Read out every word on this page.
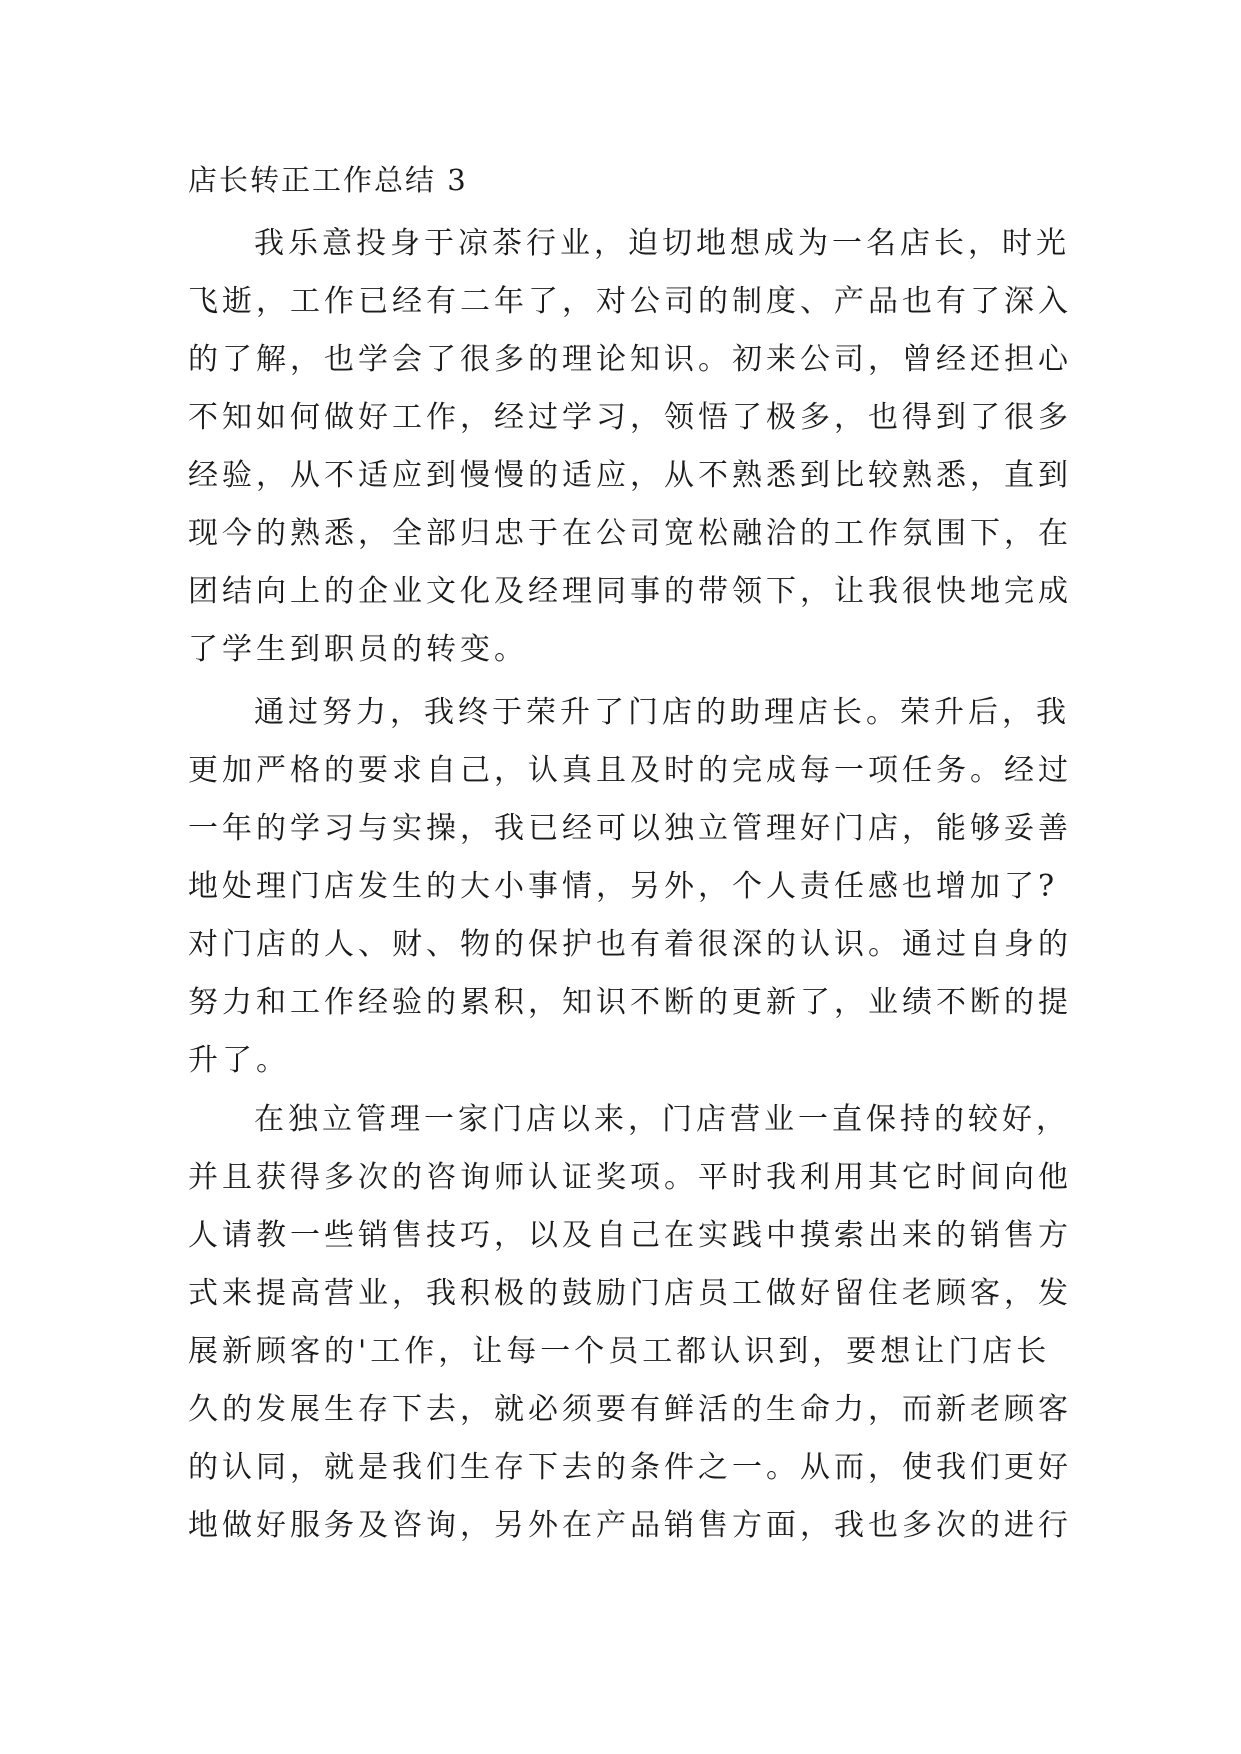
店长转正工作总结 3
我乐意投身于凉茶行业，迫切地想成为一名店长，时光
飞逝，工作已经有二年了，对公司的制度、产品也有了深入
的了解，也学会了很多的理论知识。初来公司，曾经还担心
不知如何做好工作，经过学习，领悟了极多，也得到了很多
经验，从不适应到慢慢的适应，从不熟悉到比较熟悉，直到
现今的熟悉，全部归忠于在公司宽松融洽的工作氛围下，在
团结向上的企业文化及经理同事的带领下，让我很快地完成
了学生到职员的转变。
通过努力，我终于荣升了门店的助理店长。荣升后，我
更加严格的要求自己，认真且及时的完成每一项任务。经过
一年的学习与实操，我已经可以独立管理好门店，能够妥善
地处理门店发生的大小事情，另外，个人责任感也增加了?
对门店的人、财、物的保护也有着很深的认识。通过自身的
努力和工作经验的累积，知识不断的更新了，业绩不断的提
升了。
在独立管理一家门店以来，门店营业一直保持的较好，
并且获得多次的咨询师认证奖项。平时我利用其它时间向他
人请教一些销售技巧，以及自己在实践中摸索出来的销售方
式来提高营业，我积极的鼓励门店员工做好留住老顾客，发
展新顾客的'工作，让每一个员工都认识到，要想让门店长
久的发展生存下去，就必须要有鲜活的生命力，而新老顾客
的认同，就是我们生存下去的条件之一。从而，使我们更好
地做好服务及咨询，另外在产品销售方面，我也多次的进行
